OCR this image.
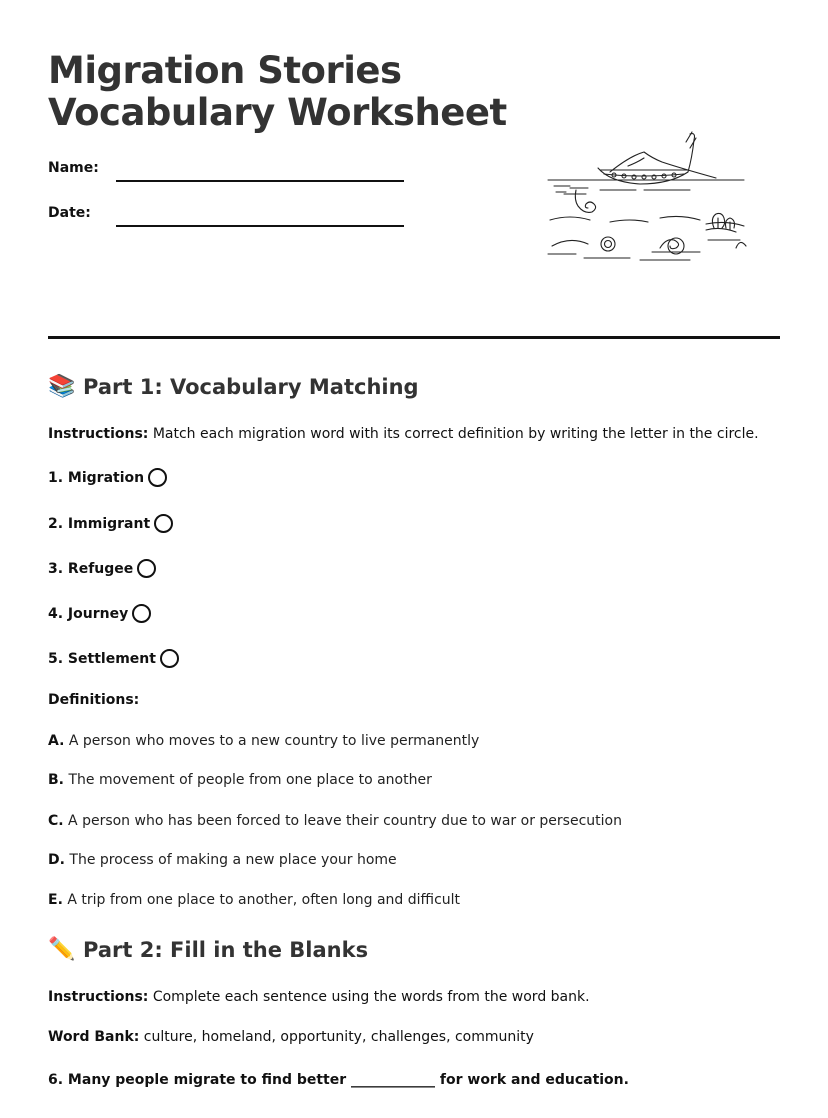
Migration Stories
Vocabulary Worksheet
Name:
Date:
📚 Part 1: Vocabulary Matching
Instructions: Match each migration word with its correct definition by writing the letter in the circle.
1. Migration
2. Immigrant
3. Refugee
4. Journey
5. Settlement
Definitions:
A. A person who moves to a new country to live permanently
B. The movement of people from one place to another
C. A person who has been forced to leave their country due to war or persecution
D. The process of making a new place your home
E. A trip from one place to another, often long and difficult
✏️ Part 2: Fill in the Blanks
Instructions: Complete each sentence using the words from the word bank.
Word Bank: culture, homeland, opportunity, challenges, community
6. Many people migrate to find better ____________ for work and education.
